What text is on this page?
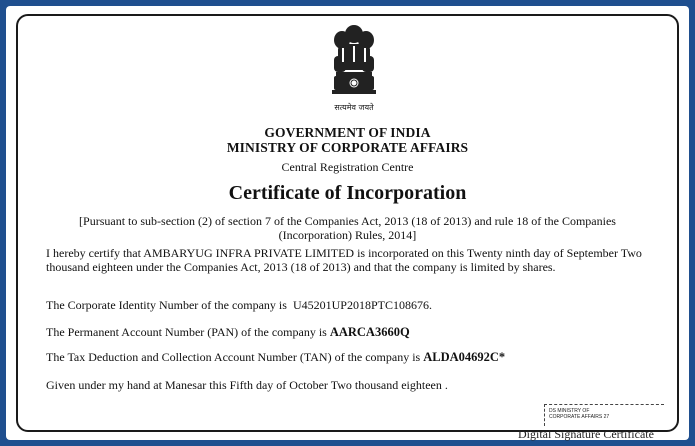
सत्यमेव जयते
GOVERNMENT OF INDIA
MINISTRY OF CORPORATE AFFAIRS
Central Registration Centre
Certificate of Incorporation
[Pursuant to sub-section (2) of section 7 of the Companies Act, 2013 (18 of 2013) and rule 18 of the Companies (Incorporation) Rules, 2014]
I hereby certify that AMBARYUG INFRA PRIVATE LIMITED is incorporated on this Twenty ninth day of September Two thousand eighteen under the Companies Act, 2013 (18 of 2013) and that the company is limited by shares.
The Corporate Identity Number of the company is U45201UP2018PTC108676.
The Permanent Account Number (PAN) of the company is AARCA3660Q
The Tax Deduction and Collection Account Number (TAN) of the company is ALDA04692C*
Given under my hand at Manesar this Fifth day of October Two thousand eighteen .
DS MINISTRY OF
CORPORATE AFFAIRS 27
Digital Signature Certificate
